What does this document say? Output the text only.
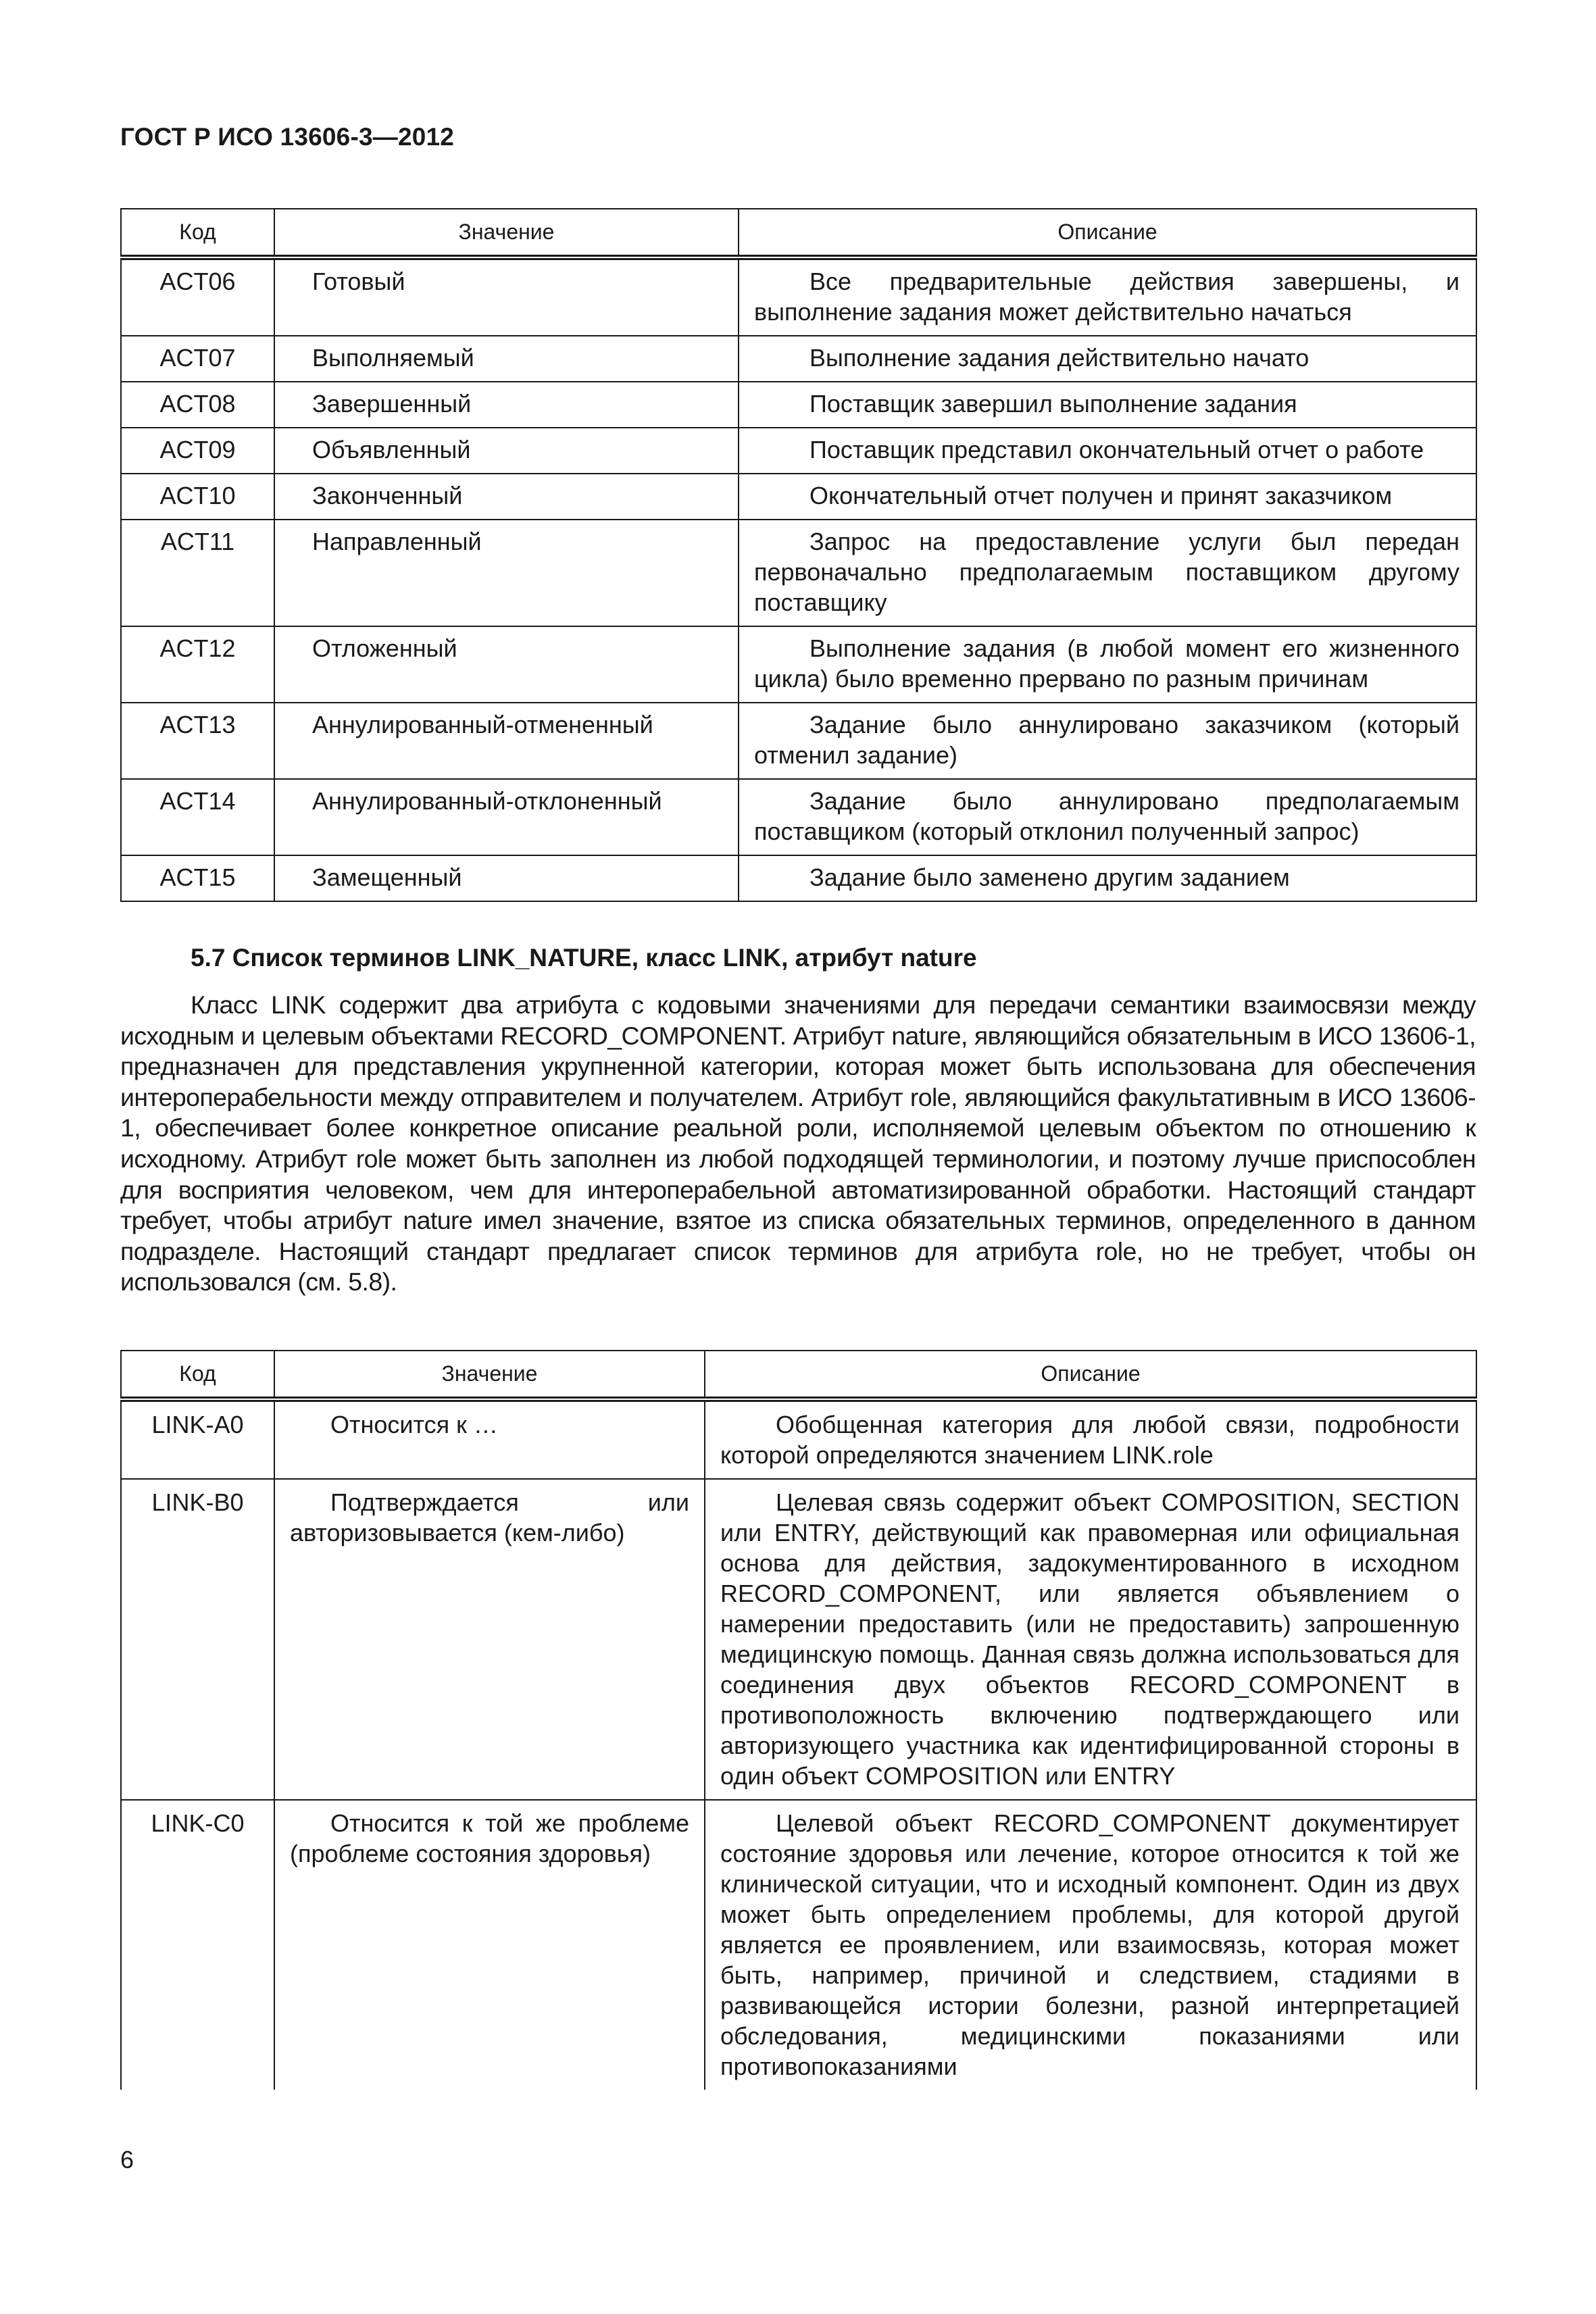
ГОСТ Р ИСО 13606-3—2012
Код	Значение	Описание
ACT06	Готовый	Все предварительные действия завершены, и выполнение задания может действительно начаться
ACT07	Выполняемый	Выполнение задания действительно начато
ACT08	Завершенный	Поставщик завершил выполнение задания
ACT09	Объявленный	Поставщик представил окончательный отчет о работе
ACT10	Законченный	Окончательный отчет получен и принят заказчиком
ACT11	Направленный	Запрос на предоставление услуги был передан первоначально предполагаемым поставщиком другому поставщику
ACT12	Отложенный	Выполнение задания (в любой момент его жизненного цикла) было временно прервано по разным причинам
ACT13	Аннулированный-отмененный	Задание было аннулировано заказчиком (который отменил задание)
ACT14	Аннулированный-отклоненный	Задание было аннулировано предполагаемым поставщиком (который отклонил полученный запрос)
ACT15	Замещенный	Задание было заменено другим заданием
5.7 Список терминов LINK_NATURE, класс LINK, атрибут nature
Класс LINK содержит два атрибута с кодовыми значениями для передачи семантики взаимосвязи между исходным и целевым объектами RECORD_COMPONENT. Атрибут nature, являющийся обязательным в ИСО 13606-1, предназначен для представления укрупненной категории, которая может быть использована для обеспечения интероперабельности между отправителем и получателем. Атрибут role, являющийся факультативным в ИСО 13606-1, обеспечивает более конкретное описание реальной роли, исполняемой целевым объектом по отношению к исходному. Атрибут role может быть заполнен из любой подходящей терминологии, и поэтому лучше приспособлен для восприятия человеком, чем для интероперабельной автоматизированной обработки. Настоящий стандарт требует, чтобы атрибут nature имел значение, взятое из списка обязательных терминов, определенного в данном подразделе. Настоящий стандарт предлагает список терминов для атрибута role, но не требует, чтобы он использовался (см. 5.8).
Код	Значение	Описание
LINK-A0	Относится к …	Обобщенная категория для любой связи, подробности которой определяются значением LINK.role
LINK-B0	Подтверждается или авторизовывается (кем-либо)	Целевая связь содержит объект COMPOSITION, SECTION или ENTRY, действующий как правомерная или официальная основа для действия, задокументированного в исходном RECORD_COMPONENT, или является объявлением о намерении предоставить (или не предоставить) запрошенную медицинскую помощь. Данная связь должна использоваться для соединения двух объектов RECORD_COMPONENT в противоположность включению подтверждающего или авторизующего участника как идентифицированной стороны в один объект COMPOSITION или ENTRY
LINK-C0	Относится к той же проблеме (проблеме состояния здоровья)	Целевой объект RECORD_COMPONENT документирует состояние здоровья или лечение, которое относится к той же клинической ситуации, что и исходный компонент. Один из двух может быть определением проблемы, для которой другой является ее проявлением, или взаимосвязь, которая может быть, например, причиной и следствием, стадиями в развивающейся истории болезни, разной интерпретацией обследования, медицинскими показаниями или противопоказаниями
6
